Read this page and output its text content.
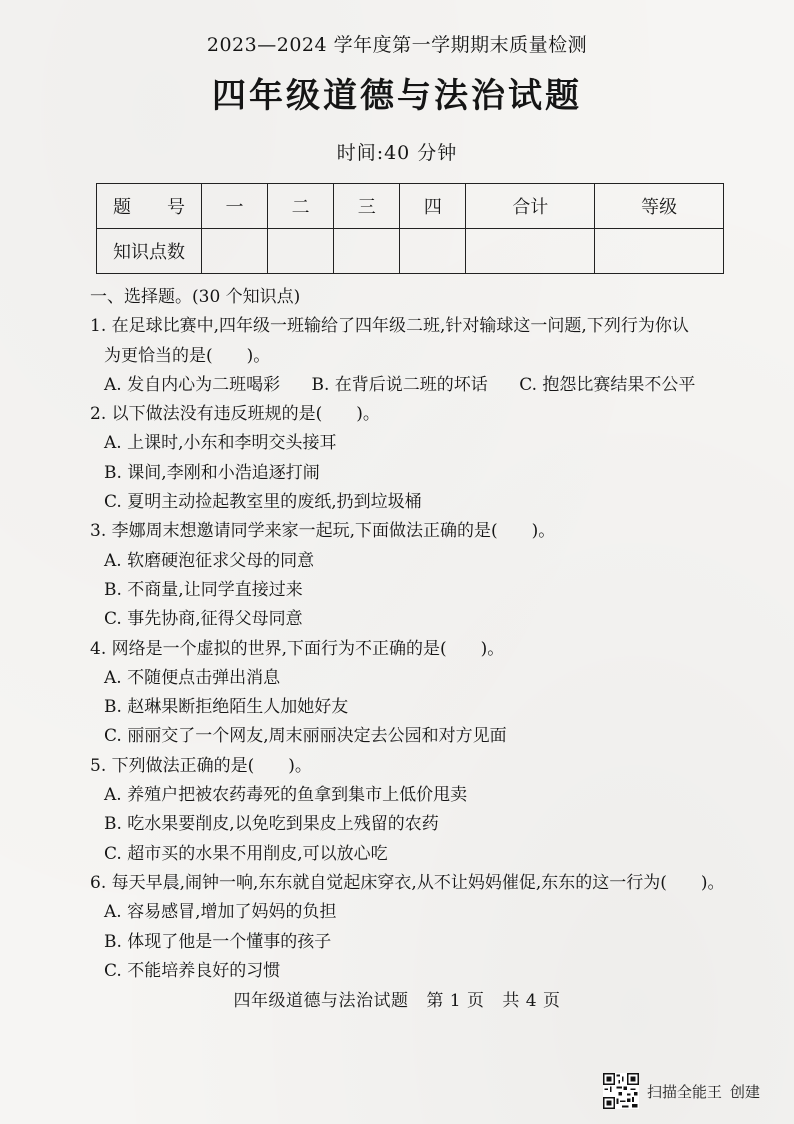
2023—2024 学年度第一学期期末质量检测
四年级道德与法治试题
时间:40 分钟
题　　号	一	二	三	四	合计	等级
知识点数						
一、选择题。(30 个知识点)
1. 在足球比赛中,四年级一班输给了四年级二班,针对输球这一问题,下列行为你认
为更恰当的是(　　)。
A. 发自内心为二班喝彩 B. 在背后说二班的坏话 C. 抱怨比赛结果不公平
2. 以下做法没有违反班规的是(　　)。
A. 上课时,小东和李明交头接耳
B. 课间,李刚和小浩追逐打闹
C. 夏明主动捡起教室里的废纸,扔到垃圾桶
3. 李娜周末想邀请同学来家一起玩,下面做法正确的是(　　)。
A. 软磨硬泡征求父母的同意
B. 不商量,让同学直接过来
C. 事先协商,征得父母同意
4. 网络是一个虚拟的世界,下面行为不正确的是(　　)。
A. 不随便点击弹出消息
B. 赵琳果断拒绝陌生人加她好友
C. 丽丽交了一个网友,周末丽丽决定去公园和对方见面
5. 下列做法正确的是(　　)。
A. 养殖户把被农药毒死的鱼拿到集市上低价甩卖
B. 吃水果要削皮,以免吃到果皮上残留的农药
C. 超市买的水果不用削皮,可以放心吃
6. 每天早晨,闹钟一响,东东就自觉起床穿衣,从不让妈妈催促,东东的这一行为(　　)。
A. 容易感冒,增加了妈妈的负担
B. 体现了他是一个懂事的孩子
C. 不能培养良好的习惯
四年级道德与法治试题 第 1 页 共 4 页
扫描全能王 创建
